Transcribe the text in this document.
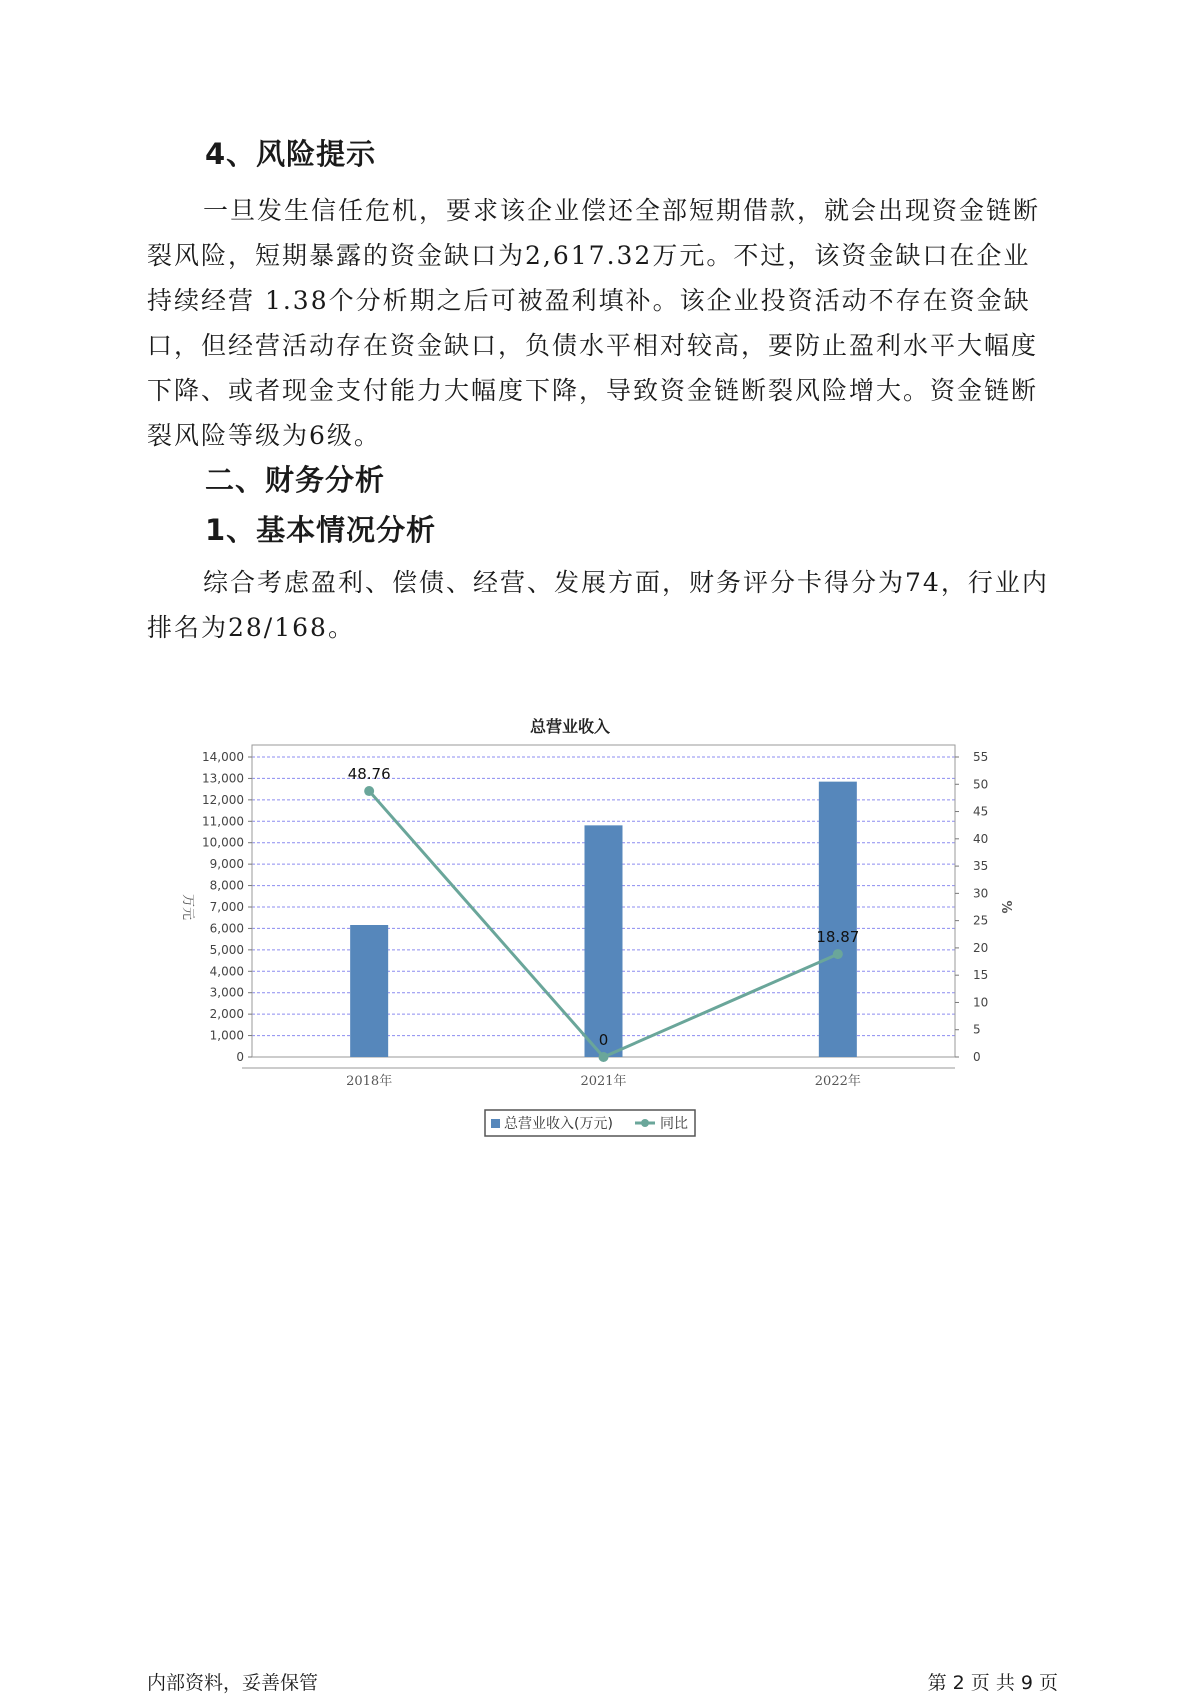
4、风险提示

一旦发生信任危机，要求该企业偿还全部短期借款，就会出现资金链断裂风险，短期暴露的资金缺口为2,617.32万元。不过，该资金缺口在企业持续经营 1.38个分析期之后可被盈利填补。该企业投资活动不存在资金缺口，但经营活动存在资金缺口，负债水平相对较高，要防止盈利水平大幅度下降、或者现金支付能力大幅度下降，导致资金链断裂风险增大。资金链断裂风险等级为6级。

二、财务分析
1、基本情况分析

综合考虑盈利、偿债、经营、发展方面，财务评分卡得分为74，行业内排名为28/168。

总营业收入
0
1,000
2,000
3,000
4,000
5,000
6,000
7,000
8,000
9,000
10,000
11,000
12,000
13,000
14,000
0
5
10
15
20
25
30
35
40
45
50
55
万元	%
2018年	2021年	2022年
48.76
0
18.87
总营业收入(万元)	同比
内部资料，妥善保管	第 2 页 共 9 页
